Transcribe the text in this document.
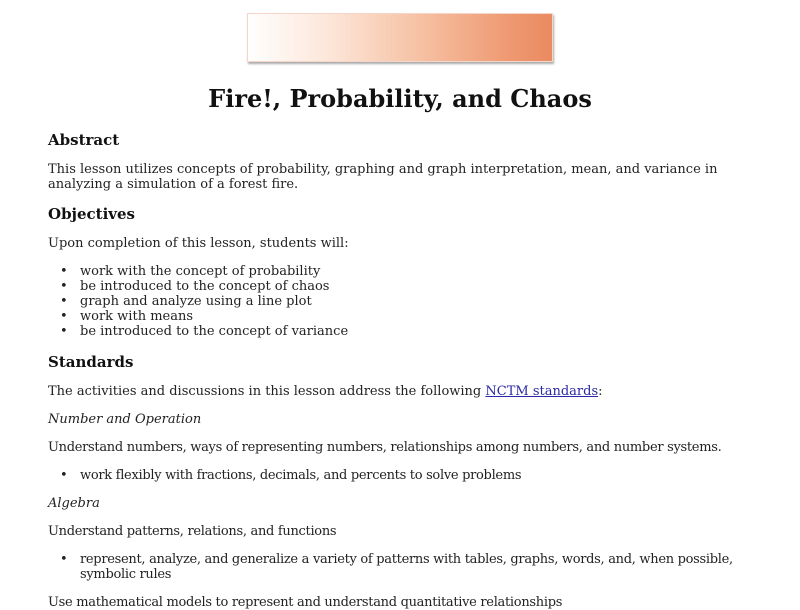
Fire!, Probability, and Chaos
Abstract

This lesson utilizes concepts of probability, graphing and graph interpretation, mean, and variance in analyzing a simulation of a forest fire.

Objectives

Upon completion of this lesson, students will:

• work with the concept of probability
• be introduced to the concept of chaos
• graph and analyze using a line plot
• work with means
• be introduced to the concept of variance
Standards

The activities and discussions in this lesson address the following NCTM standards:

Number and Operation

Understand numbers, ways of representing numbers, relationships among numbers, and number systems.

• work flexibly with fractions, decimals, and percents to solve problems

Algebra

Understand patterns, relations, and functions

• represent, analyze, and generalize a variety of patterns with tables, graphs, words, and, when possible, symbolic rules

Use mathematical models to represent and understand quantitative relationships
